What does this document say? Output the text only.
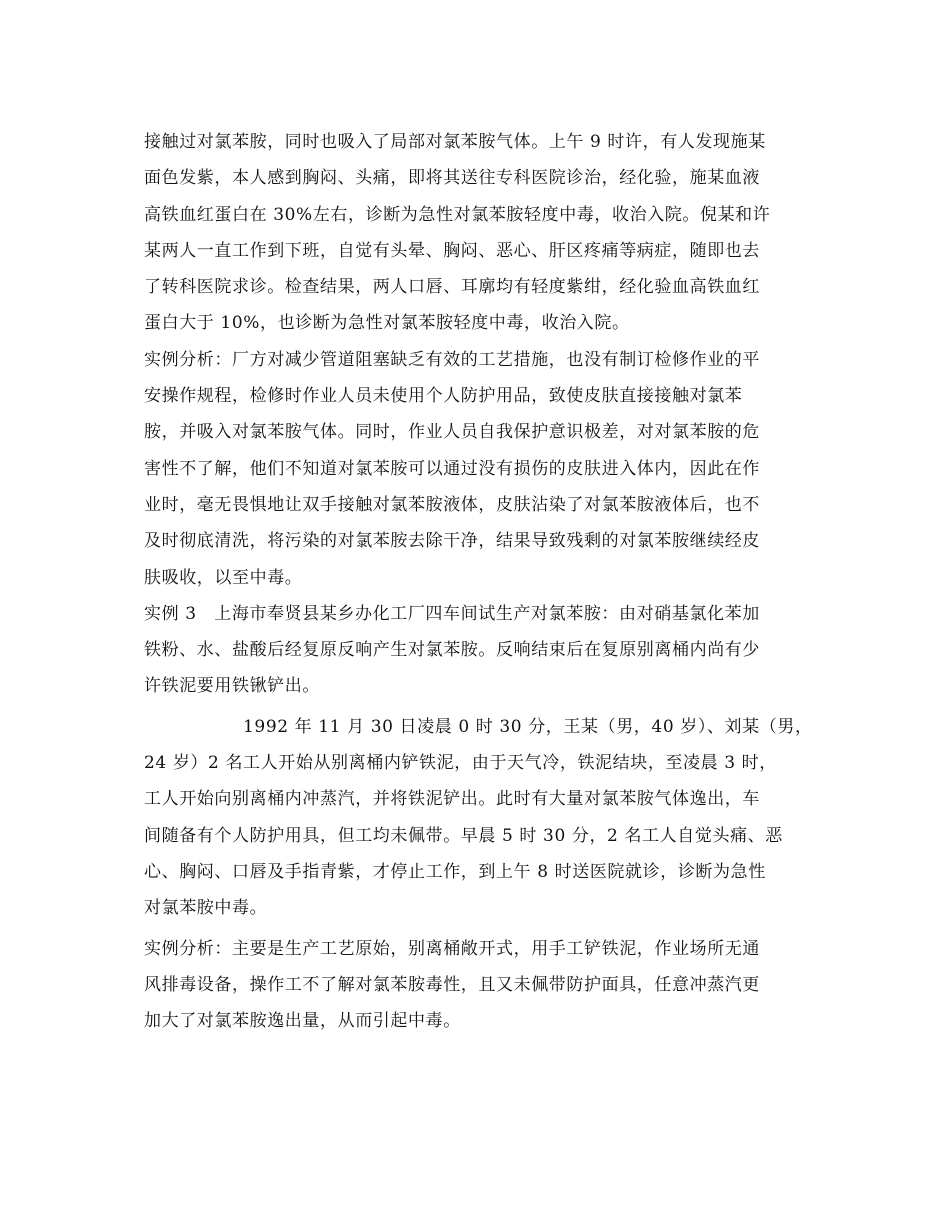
接触过对氯苯胺，同时也吸入了局部对氯苯胺气体。上午 9 时许，有人发现施某
面色发紫，本人感到胸闷、头痛，即将其送往专科医院诊治，经化验，施某血液
高铁血红蛋白在 30%左右，诊断为急性对氯苯胺轻度中毒，收治入院。倪某和许
某两人一直工作到下班，自觉有头晕、胸闷、恶心、肝区疼痛等病症，随即也去
了转科医院求诊。检查结果，两人口唇、耳廓均有轻度紫绀，经化验血高铁血红
蛋白大于 10%，也诊断为急性对氯苯胺轻度中毒，收治入院。
实例分析：厂方对减少管道阻塞缺乏有效的工艺措施，也没有制订检修作业的平
安操作规程，检修时作业人员未使用个人防护用品，致使皮肤直接接触对氯苯
胺，并吸入对氯苯胺气体。同时，作业人员自我保护意识极差，对对氯苯胺的危
害性不了解，他们不知道对氯苯胺可以通过没有损伤的皮肤进入体内，因此在作
业时，毫无畏惧地让双手接触对氯苯胺液体，皮肤沾染了对氯苯胺液体后，也不
及时彻底清洗，将污染的对氯苯胺去除干净，结果导致残剩的对氯苯胺继续经皮
肤吸收，以至中毒。
实例 3　上海市奉贤县某乡办化工厂四车间试生产对氯苯胺：由对硝基氯化苯加
铁粉、水、盐酸后经复原反响产生对氯苯胺。反响结束后在复原别离桶内尚有少
许铁泥要用铁锹铲出。
1992 年 11 月 30 日凌晨 0 时 30 分，王某（男，40 岁）、刘某（男，
24 岁）2 名工人开始从别离桶内铲铁泥，由于天气冷，铁泥结块，至凌晨 3 时，
工人开始向别离桶内冲蒸汽，并将铁泥铲出。此时有大量对氯苯胺气体逸出，车
间随备有个人防护用具，但工均未佩带。早晨 5 时 30 分，2 名工人自觉头痛、恶
心、胸闷、口唇及手指青紫，才停止工作，到上午 8 时送医院就诊，诊断为急性
对氯苯胺中毒。
实例分析：主要是生产工艺原始，别离桶敞开式，用手工铲铁泥，作业场所无通
风排毒设备，操作工不了解对氯苯胺毒性，且又未佩带防护面具，任意冲蒸汽更
加大了对氯苯胺逸出量，从而引起中毒。
